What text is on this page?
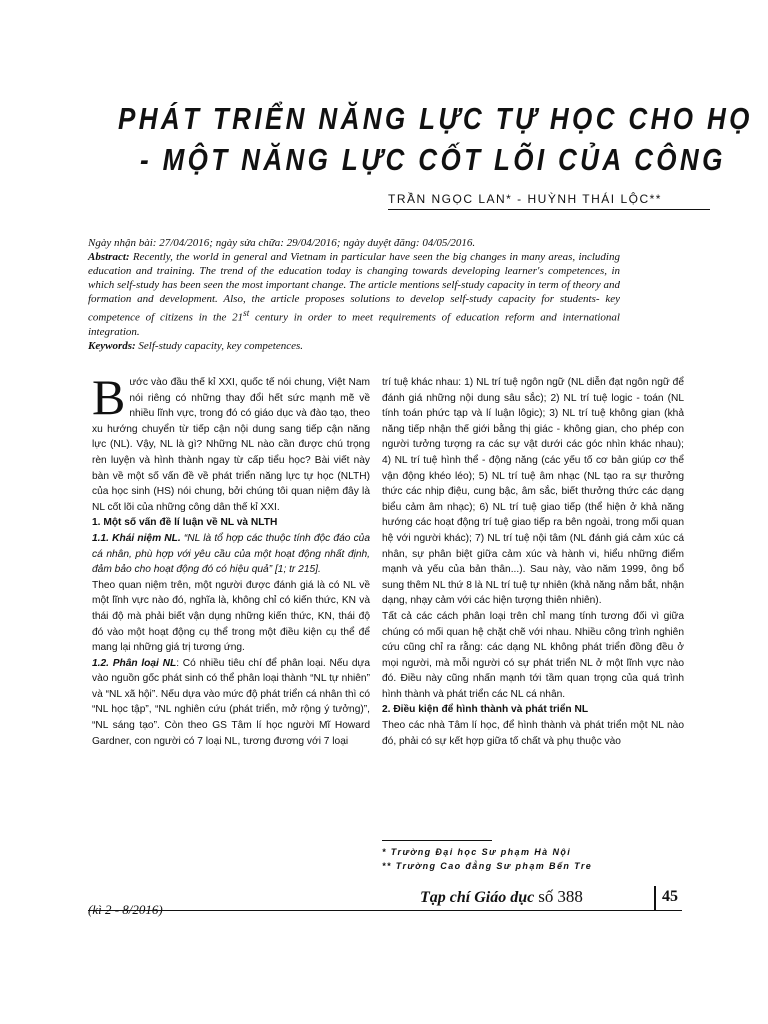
PHÁT TRIỂN NĂNG LỰC TỰ HỌC CHO HỌ
- MỘT NĂNG LỰC CỐT LÕI CỦA CÔNG
TRẦN NGỌC LAN* - HUỲNH THÁI LỘC**

Ngày nhận bài: 27/04/2016; ngày sửa chữa: 29/04/2016; ngày duyệt đăng: 04/05/2016.

Abstract: Recently, the world in general and Vietnam in particular have seen the big changes in many areas, including education and training. The trend of the education today is changing towards developing learner's competences, in which self-study has been seen the most important change. The article mentions self-study capacity in term of theory and formation and development. Also, the article proposes solutions to develop self-study capacity for students- key competence of citizens in the 21st century in order to meet requirements of education reform and international integration.

Keywords: Self-study capacity, key competences.

Bước vào đầu thế kỉ XXI, quốc tế nói chung, Việt Nam nói riêng có những thay đổi hết sức mạnh mẽ về nhiều lĩnh vực, trong đó có giáo dục và đào tạo, theo xu hướng chuyển từ tiếp cận nội dung sang tiếp cận năng lực (NL). Vậy, NL là gì? Những NL nào cần được chú trọng rèn luyện và hình thành ngay từ cấp tiểu học? Bài viết này bàn về một số vấn đề về phát triển năng lực tự học (NLTH) của học sinh (HS) nói chung, bởi chúng tôi quan niệm đây là NL cốt lõi của những công dân thế kỉ XXI.

1. Một số vấn đề lí luận về NL và NLTH

1.1. Khái niệm NL. “NL là tổ hợp các thuộc tính độc đáo của cá nhân, phù hợp với yêu cầu của một hoạt động nhất định, đảm bảo cho hoạt động đó có hiệu quả” [1; tr 215].

Theo quan niệm trên, một người được đánh giá là có NL về một lĩnh vực nào đó, nghĩa là, không chỉ có kiến thức, KN và thái độ mà phải biết vận dụng những kiến thức, KN, thái độ đó vào một hoạt động cụ thể trong một điều kiện cụ thể để mang lại những giá trị tương ứng.

1.2. Phân loại NL: Có nhiều tiêu chí để phân loại. Nếu dựa vào nguồn gốc phát sinh có thể phân loại thành “NL tự nhiên” và “NL xã hội”. Nếu dựa vào mức độ phát triển cá nhân thì có “NL học tập”, “NL nghiên cứu (phát triển, mở rộng ý tưởng)”, “NL sáng tạo”. Còn theo GS Tâm lí học người Mĩ Howard Gardner, con người có 7 loại NL, tương đương với 7 loại

trí tuệ khác nhau: 1) NL trí tuệ ngôn ngữ (NL diễn đạt ngôn ngữ để đánh giá những nội dung sâu sắc); 2) NL trí tuệ logic - toán (NL tính toán phức tạp và lí luận lôgic); 3) NL trí tuệ không gian (khả năng tiếp nhận thế giới bằng thị giác - không gian, cho phép con người tưởng tượng ra các sự vật dưới các góc nhìn khác nhau); 4) NL trí tuệ hình thể - động năng (các yếu tố cơ bản giúp cơ thể vận động khéo léo); 5) NL trí tuệ âm nhạc (NL tạo ra sự thưởng thức các nhịp điệu, cung bậc, âm sắc, biết thưởng thức các dạng biểu cảm âm nhạc); 6) NL trí tuệ giao tiếp (thể hiện ở khả năng hướng các hoạt động trí tuệ giao tiếp ra bên ngoài, trong mối quan hệ với người khác); 7) NL trí tuệ nội tâm (NL đánh giá cảm xúc cá nhân, sự phân biệt giữa cảm xúc và hành vi, hiểu những điểm mạnh và yếu của bản thân...). Sau này, vào năm 1999, ông bổ sung thêm NL thứ 8 là NL trí tuệ tự nhiên (khả năng nắm bắt, nhận dạng, nhạy cảm với các hiện tượng thiên nhiên).

Tất cả các cách phân loại trên chỉ mang tính tương đối vì giữa chúng có mối quan hệ chặt chẽ với nhau. Nhiều công trình nghiên cứu cũng chỉ ra rằng: các dạng NL không phát triển đồng đều ở mọi người, mà mỗi người có sự phát triển NL ở một lĩnh vực nào đó. Điều này cũng nhấn mạnh tới tầm quan trọng của quá trình hình thành và phát triển các NL cá nhân.

2. Điều kiện để hình thành và phát triển NL

Theo các nhà Tâm lí học, để hình thành và phát triển một NL nào đó, phải có sự kết hợp giữa tố chất và phụ thuộc vào

* Trường Đại học Sư phạm Hà Nội
** Trường Cao đẳng Sư phạm Bến Tre
(kì 2 - 8/2016)
Tạp chí Giáo dục số 388	45
